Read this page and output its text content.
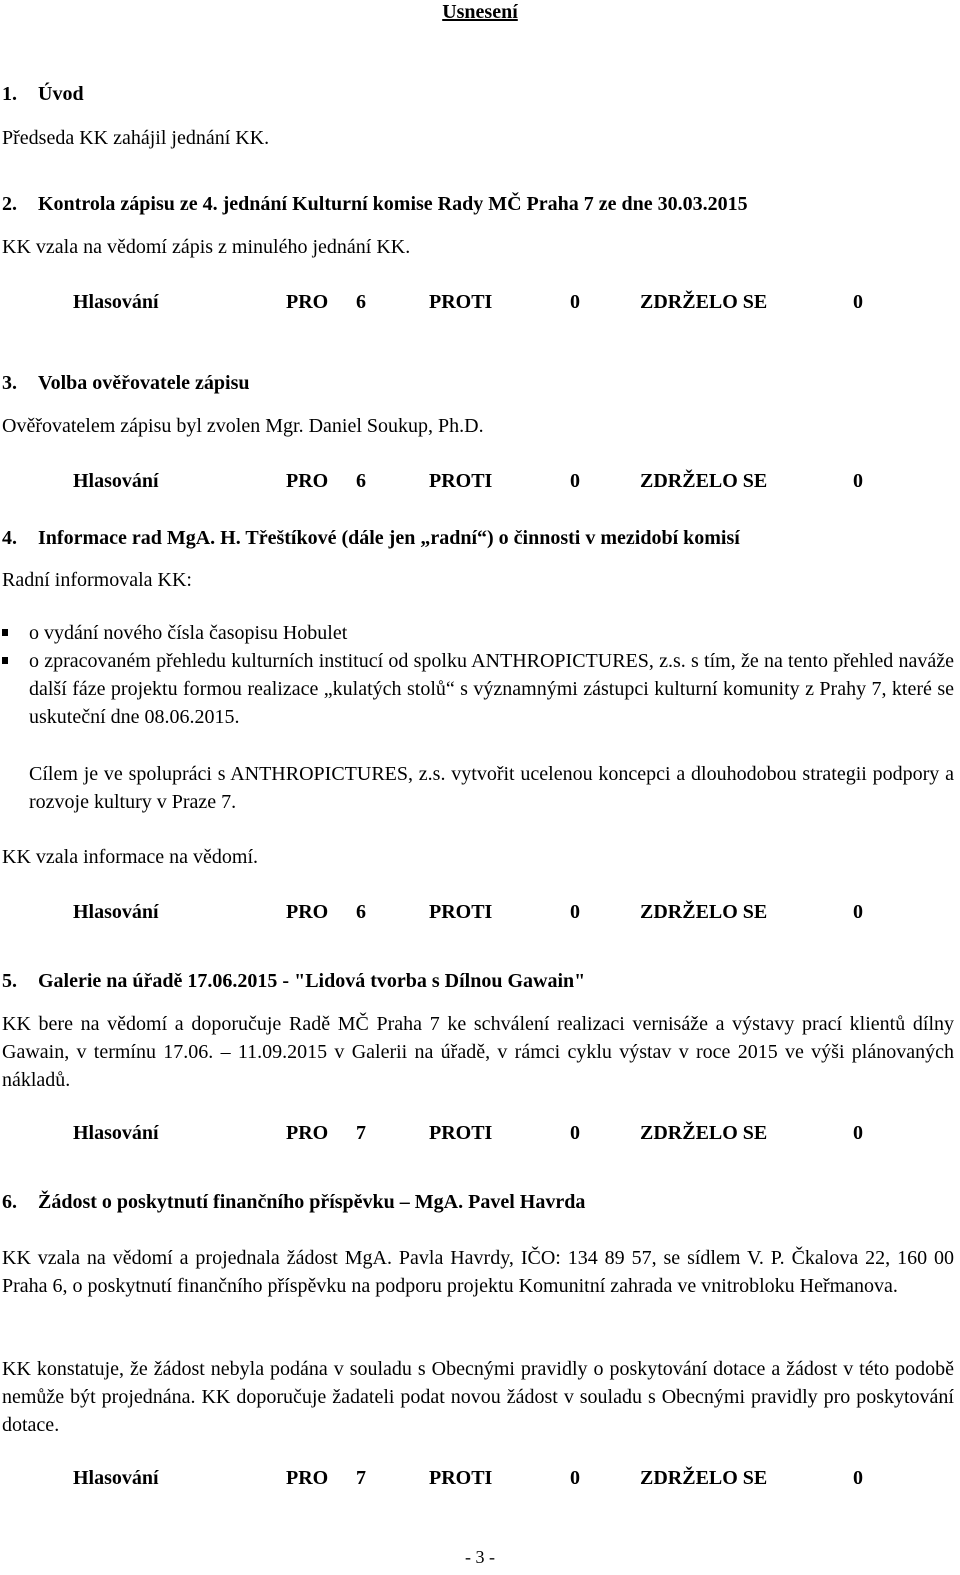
Usnesení
1. Úvod
Předseda KK zahájil jednání KK.
2. Kontrola zápisu ze 4. jednání Kulturní komise Rady MČ Praha 7 ze dne 30.03.2015
KK vzala na vědomí zápis z minulého jednání KK.
Hlasování	PRO 6	PROTI	0	ZDRŽELO SE	0
3. Volba ověřovatele zápisu
Ověřovatelem zápisu byl zvolen Mgr. Daniel Soukup, Ph.D.
Hlasování	PRO 6	PROTI	0	ZDRŽELO SE	0
4. Informace rad MgA. H. Třeštíkové (dále jen „radní“) o činnosti v mezidobí komisí
Radní informovala KK:
o vydání nového čísla časopisu Hobulet
o zpracovaném přehledu kulturních institucí od spolku ANTHROPICTURES, z.s. s tím, že na tento přehled naváže další fáze projektu formou realizace „kulatých stolů“ s významnými zástupci kulturní komunity z Prahy 7, které se uskuteční dne 08.06.2015.
Cílem je ve spolupráci s ANTHROPICTURES, z.s. vytvořit ucelenou koncepci a dlouhodobou strategii podpory a rozvoje kultury v Praze 7.
KK vzala informace na vědomí.
Hlasování	PRO 6	PROTI	0	ZDRŽELO SE	0
5. Galerie na úřadě 17.06.2015 - "Lidová tvorba s Dílnou Gawain"
KK bere na vědomí a doporučuje Radě MČ Praha 7 ke schválení realizaci vernisáže a výstavy prací klientů dílny Gawain, v termínu 17.06. – 11.09.2015 v Galerii na úřadě, v rámci cyklu výstav v roce 2015 ve výši plánovaných nákladů.
Hlasování	PRO 7	PROTI	0	ZDRŽELO SE	0
6. Žádost o poskytnutí finančního příspěvku – MgA. Pavel Havrda
KK vzala na vědomí a projednala žádost MgA. Pavla Havrdy, IČO: 134 89 57, se sídlem V. P. Čkalova 22, 160 00 Praha 6, o poskytnutí finančního příspěvku na podporu projektu Komunitní zahrada ve vnitrobloku Heřmanova.
KK konstatuje, že žádost nebyla podána v souladu s Obecnými pravidly o poskytování dotace a žádost v této podobě nemůže být projednána. KK doporučuje žadateli podat novou žádost v souladu s Obecnými pravidly pro poskytování dotace.
Hlasování	PRO 7	PROTI	0	ZDRŽELO SE	0
- 3 -
